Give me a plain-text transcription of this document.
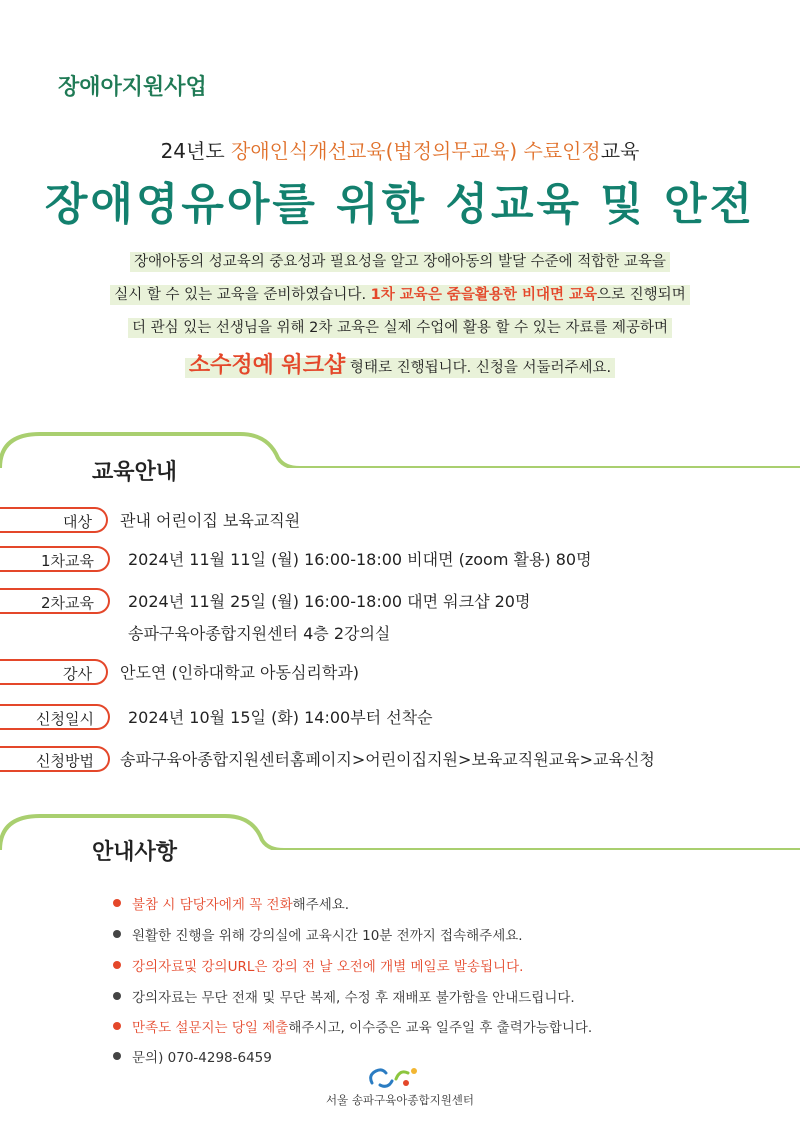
장애아지원사업
24년도 장애인식개선교육(법정의무교육) 수료인정교육
장애영유아를 위한 성교육 및 안전
장애아동의 성교육의 중요성과 필요성을 알고 장애아동의 발달 수준에 적합한 교육을
실시 할 수 있는 교육을 준비하였습니다. 1차 교육은 줌을활용한 비대면 교육으로 진행되며
더 관심 있는 선생님을 위해 2차 교육은 실제 수업에 활용 할 수 있는 자료를 제공하며
소수정예 워크샵 형태로 진행됩니다. 신청을 서둘러주세요.
교육안내
대상	관내 어린이집 보육교직원
1차교육	2024년 11월 11일 (월) 16:00-18:00 비대면 (zoom 활용) 80명
2차교육	2024년 11월 25일 (월) 16:00-18:00 대면 워크샵 20명
송파구육아종합지원센터 4층 2강의실
강사	안도연 (인하대학교 아동심리학과)
신청일시	2024년 10월 15일 (화) 14:00부터 선착순
신청방법	송파구육아종합지원센터홈페이지>어린이집지원>보육교직원교육>교육신청
안내사항
불참 시 담당자에게 꼭 전화해주세요.
원활한 진행을 위해 강의실에 교육시간 10분 전까지 접속해주세요.
강의자료및 강의URL은 강의 전 날 오전에 개별 메일로 발송됩니다.
강의자료는 무단 전재 및 무단 복제, 수정 후 재배포 불가함을 안내드립니다.
만족도 설문지는 당일 제출해주시고, 이수증은 교육 일주일 후 출력가능합니다.
문의) 070-4298-6459
서울 송파구육아종합지원센터
